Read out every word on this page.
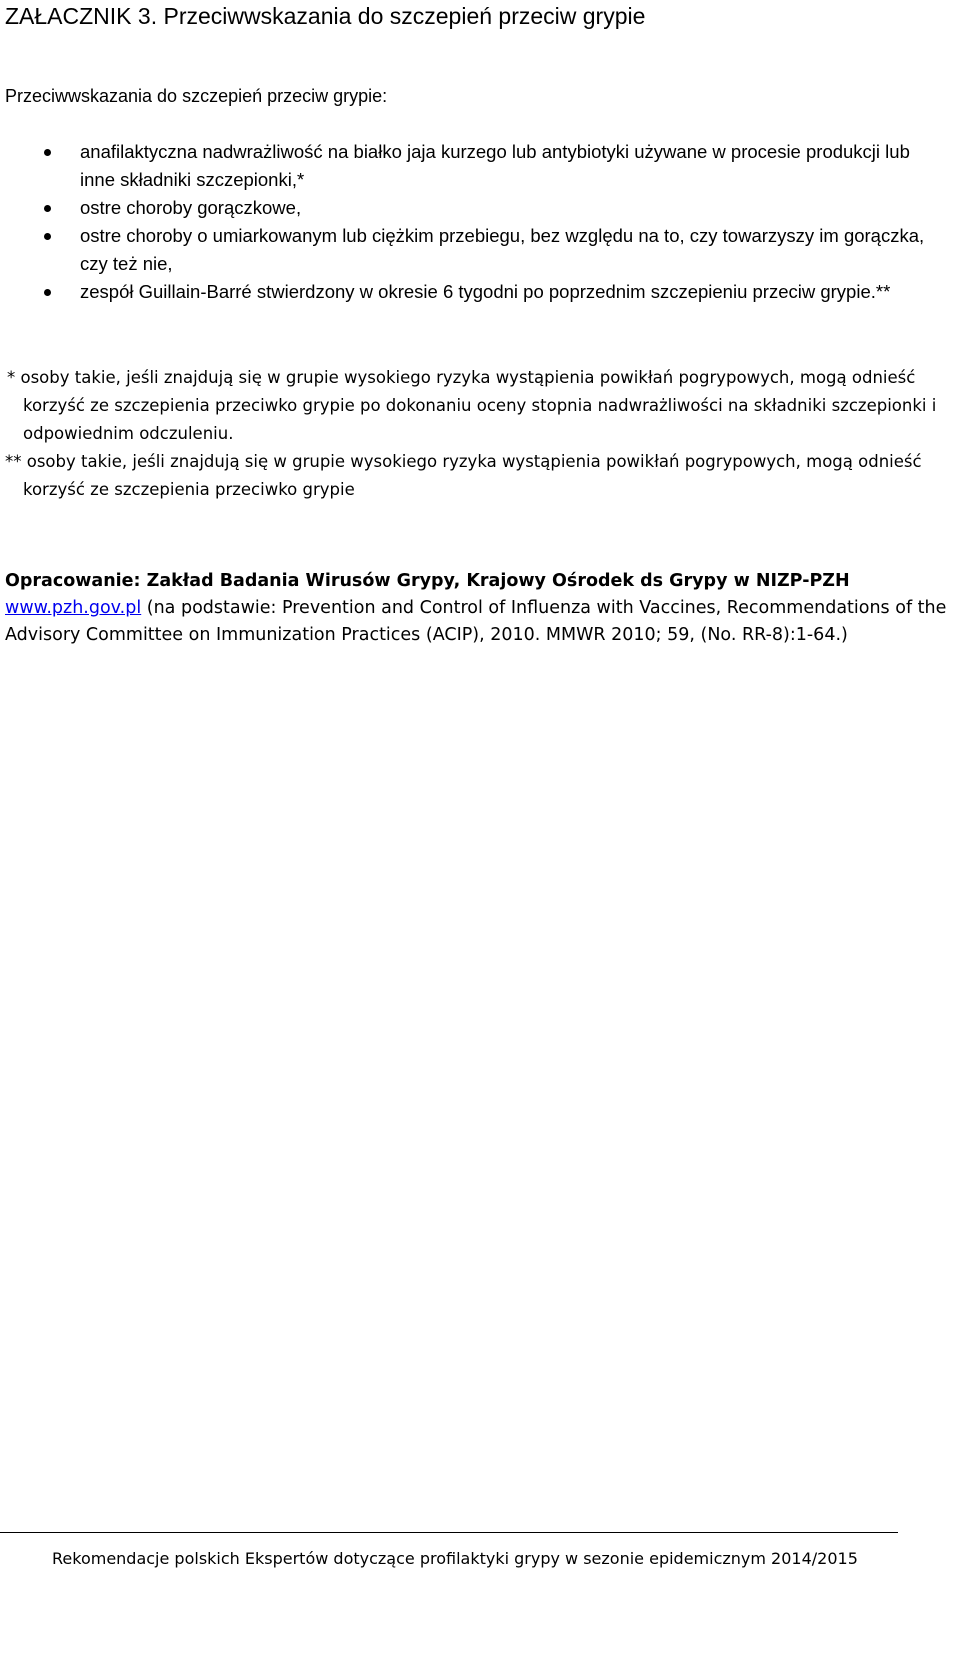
ZAŁACZNIK 3. Przeciwwskazania do szczepień przeciw grypie
Przeciwwskazania do szczepień przeciw grypie:
anafilaktyczna nadwrażliwość na białko jaja kurzego lub antybiotyki używane w procesie produkcji lub inne składniki szczepionki,*
ostre choroby gorączkowe,
ostre choroby o umiarkowanym lub ciężkim przebiegu, bez względu na to, czy towarzyszy im gorączka, czy też nie,
zespół Guillain-Barré stwierdzony w okresie 6 tygodni po poprzednim szczepieniu przeciw grypie.**

* osoby takie, jeśli znajdują się w grupie wysokiego ryzyka wystąpienia powikłań pogrypowych, mogą odnieść korzyść ze szczepienia przeciwko grypie po dokonaniu oceny stopnia nadwrażliwości na składniki szczepionki i odpowiednim odczuleniu.

** osoby takie, jeśli znajdują się w grupie wysokiego ryzyka wystąpienia powikłań pogrypowych, mogą odnieść korzyść ze szczepienia przeciwko grypie

Opracowanie: Zakład Badania Wirusów Grypy, Krajowy Ośrodek ds Grypy w NIZP-PZH

www.pzh.gov.pl (na podstawie: Prevention and Control of Influenza with Vaccines, Recommendations of the Advisory Committee on Immunization Practices (ACIP), 2010. MMWR 2010; 59, (No. RR-8):1-64.)

Rekomendacje polskich Ekspertów dotyczące profilaktyki grypy w sezonie epidemicznym 2014/2015
